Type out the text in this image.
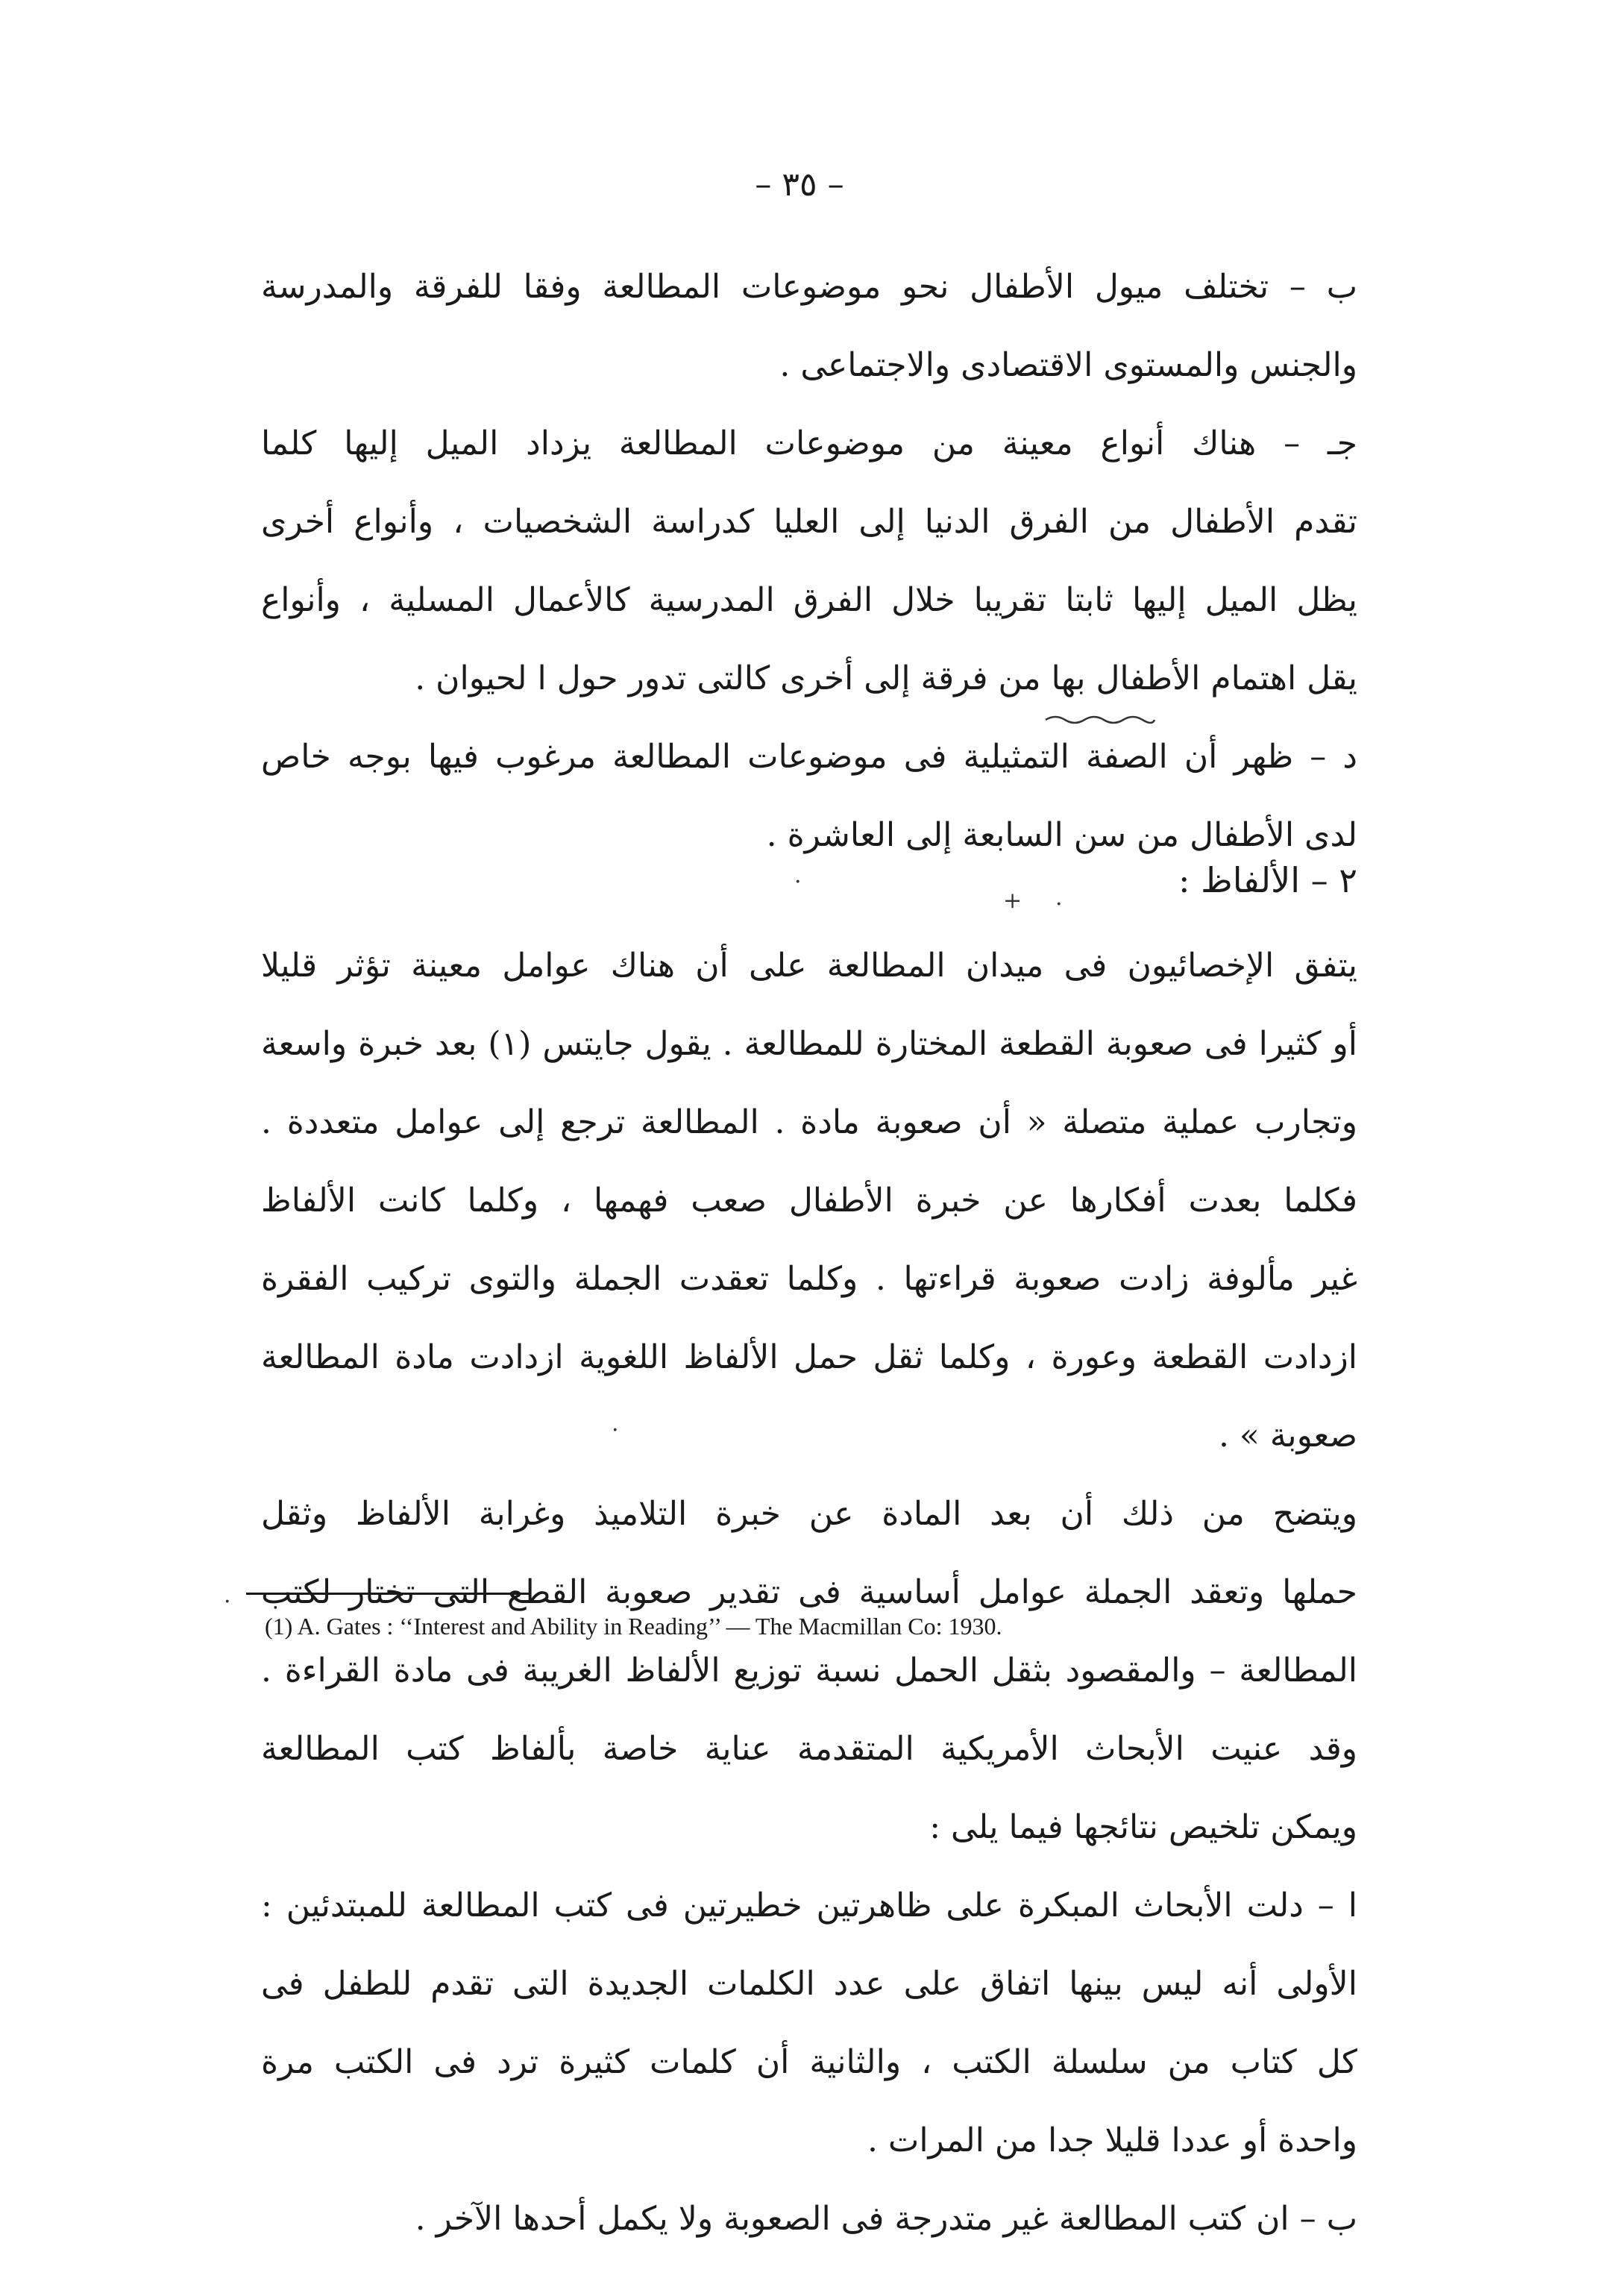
– ٣٥ –
ب – تختلف ميول الأطفال نحو موضوعات المطالعة وفقا للفرقة والمدرسة
والجنس والمستوى الاقتصادى والاجتماعى .
جـ – هناك أنواع معينة من موضوعات المطالعة يزداد الميل إليها كلما
تقدم الأطفال من الفرق الدنيا إلى العليا كدراسة الشخصيات ، وأنواع أخرى
يظل الميل إليها ثابتا تقريبا خلال الفرق المدرسية كالأعمال المسلية ، وأنواع
يقل اهتمام الأطفال بها من فرقة إلى أخرى كالتى تدور حول ا لحيوان .
د – ظهر أن الصفة التمثيلية فى موضوعات المطالعة مرغوب فيها بوجه خاص
لدى الأطفال من سن السابعة إلى العاشرة .
٢ – الألفاظ :
·
+ ·
يتفق الإخصائيون فى ميدان المطالعة على أن هناك عوامل معينة تؤثر قليلا
أو كثيرا فى صعوبة القطعة المختارة للمطالعة . يقول جايتس (١) بعد خبرة واسعة
وتجارب عملية متصلة « أن صعوبة مادة . المطالعة ترجع إلى عوامل متعددة .
فكلما بعدت أفكارها عن خبرة الأطفال صعب فهمها ، وكلما كانت الألفاظ
غير مألوفة زادت صعوبة قراءتها . وكلما تعقدت الجملة والتوى تركيب الفقرة
ازدادت القطعة وعورة ، وكلما ثقل حمل الألفاظ اللغوية ازدادت مادة المطالعة
صعوبة » .
ويتضح من ذلك أن بعد المادة عن خبرة التلاميذ وغرابة الألفاظ وثقل
حملها وتعقد الجملة عوامل أساسية فى تقدير صعوبة القطع التى تختار لكتب
المطالعة – والمقصود بثقل الحمل نسبة توزيع الألفاظ الغريبة فى مادة القراءة .
وقد عنيت الأبحاث الأمريكية المتقدمة عناية خاصة بألفاظ كتب المطالعة
ويمكن تلخيص نتائجها فيما يلى :
ا – دلت الأبحاث المبكرة على ظاهرتين خطيرتين فى كتب المطالعة للمبتدئين :
الأولى أنه ليس بينها اتفاق على عدد الكلمات الجديدة التى تقدم للطفل فى
كل كتاب من سلسلة الكتب ، والثانية أن كلمات كثيرة ترد فى الكتب مرة
واحدة أو عددا قليلا جدا من المرات .
ب – ان كتب المطالعة غير متدرجة فى الصعوبة ولا يكمل أحدها الآخر .
·
·
(1) A. Gates : ‘‘Interest and Ability in Reading’’ — The Macmillan Co: 1930.
